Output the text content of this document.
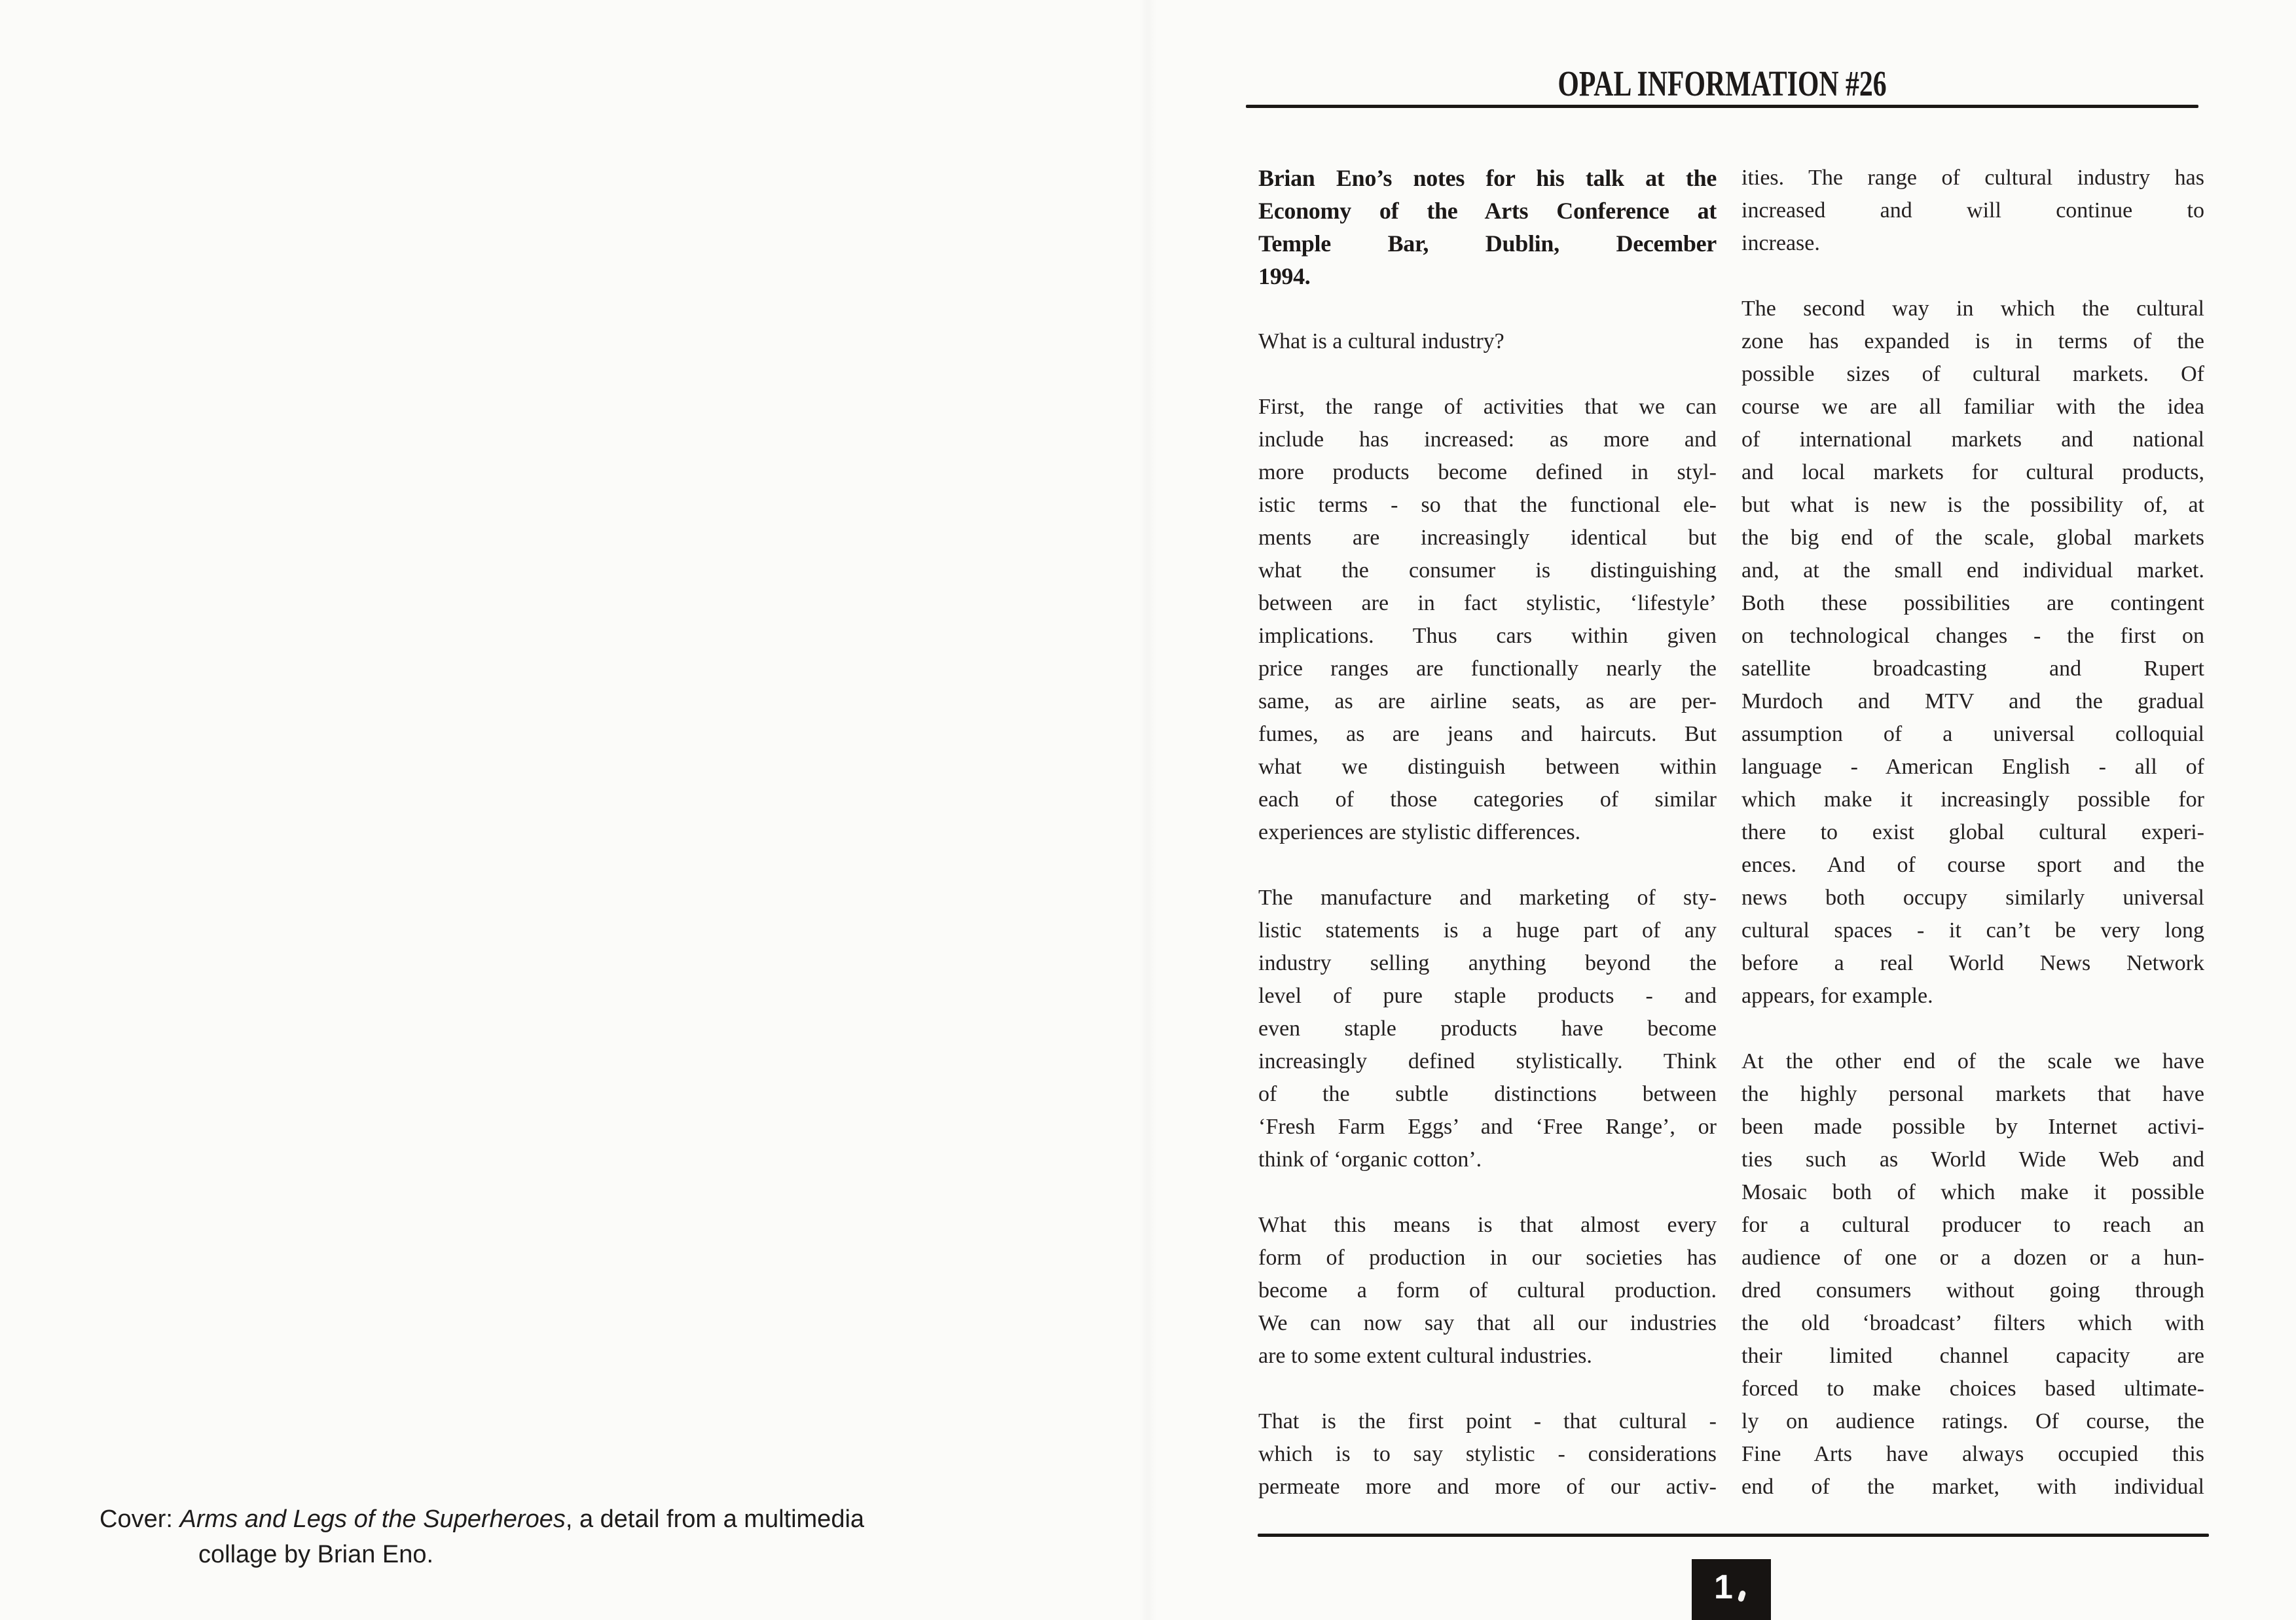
Cover: Arms and Legs of the Superheroes, a detail from a multimedia
collage by Brian Eno.

OPAL INFORMATION #26
Brian Eno’s notes for his talk at the
Economy of the Arts Conference at
Temple Bar, Dublin, December
1994.
What is a cultural industry?
First, the range of activities that we can
include has increased: as more and
more products become defined in styl-
istic terms - so that the functional ele-
ments are increasingly identical but
what the consumer is distinguishing
between are in fact stylistic, ‘lifestyle’
implications. Thus cars within given
price ranges are functionally nearly the
same, as are airline seats, as are per-
fumes, as are jeans and haircuts. But
what we distinguish between within
each of those categories of similar
experiences are stylistic differences.
The manufacture and marketing of sty-
listic statements is a huge part of any
industry selling anything beyond the
level of pure staple products - and
even staple products have become
increasingly defined stylistically. Think
of the subtle distinctions between
‘Fresh Farm Eggs’ and ‘Free Range’, or
think of ‘organic cotton’.
What this means is that almost every
form of production in our societies has
become a form of cultural production.
We can now say that all our industries
are to some extent cultural industries.
That is the first point - that cultural -
which is to say stylistic - considerations
permeate more and more of our activ-
ities. The range of cultural industry has
increased and will continue to
increase.
The second way in which the cultural
zone has expanded is in terms of the
possible sizes of cultural markets. Of
course we are all familiar with the idea
of international markets and national
and local markets for cultural products,
but what is new is the possibility of, at
the big end of the scale, global markets
and, at the small end individual market.
Both these possibilities are contingent
on technological changes - the first on
satellite broadcasting and Rupert
Murdoch and MTV and the gradual
assumption of a universal colloquial
language - American English - all of
which make it increasingly possible for
there to exist global cultural experi-
ences. And of course sport and the
news both occupy similarly universal
cultural spaces - it can’t be very long
before a real World News Network
appears, for example.
At the other end of the scale we have
the highly personal markets that have
been made possible by Internet activi-
ties such as World Wide Web and
Mosaic both of which make it possible
for a cultural producer to reach an
audience of one or a dozen or a hun-
dred consumers without going through
the old ‘broadcast’ filters which with
their limited channel capacity are
forced to make choices based ultimate-
ly on audience ratings. Of course, the
Fine Arts have always occupied this
end of the market, with individual
1
